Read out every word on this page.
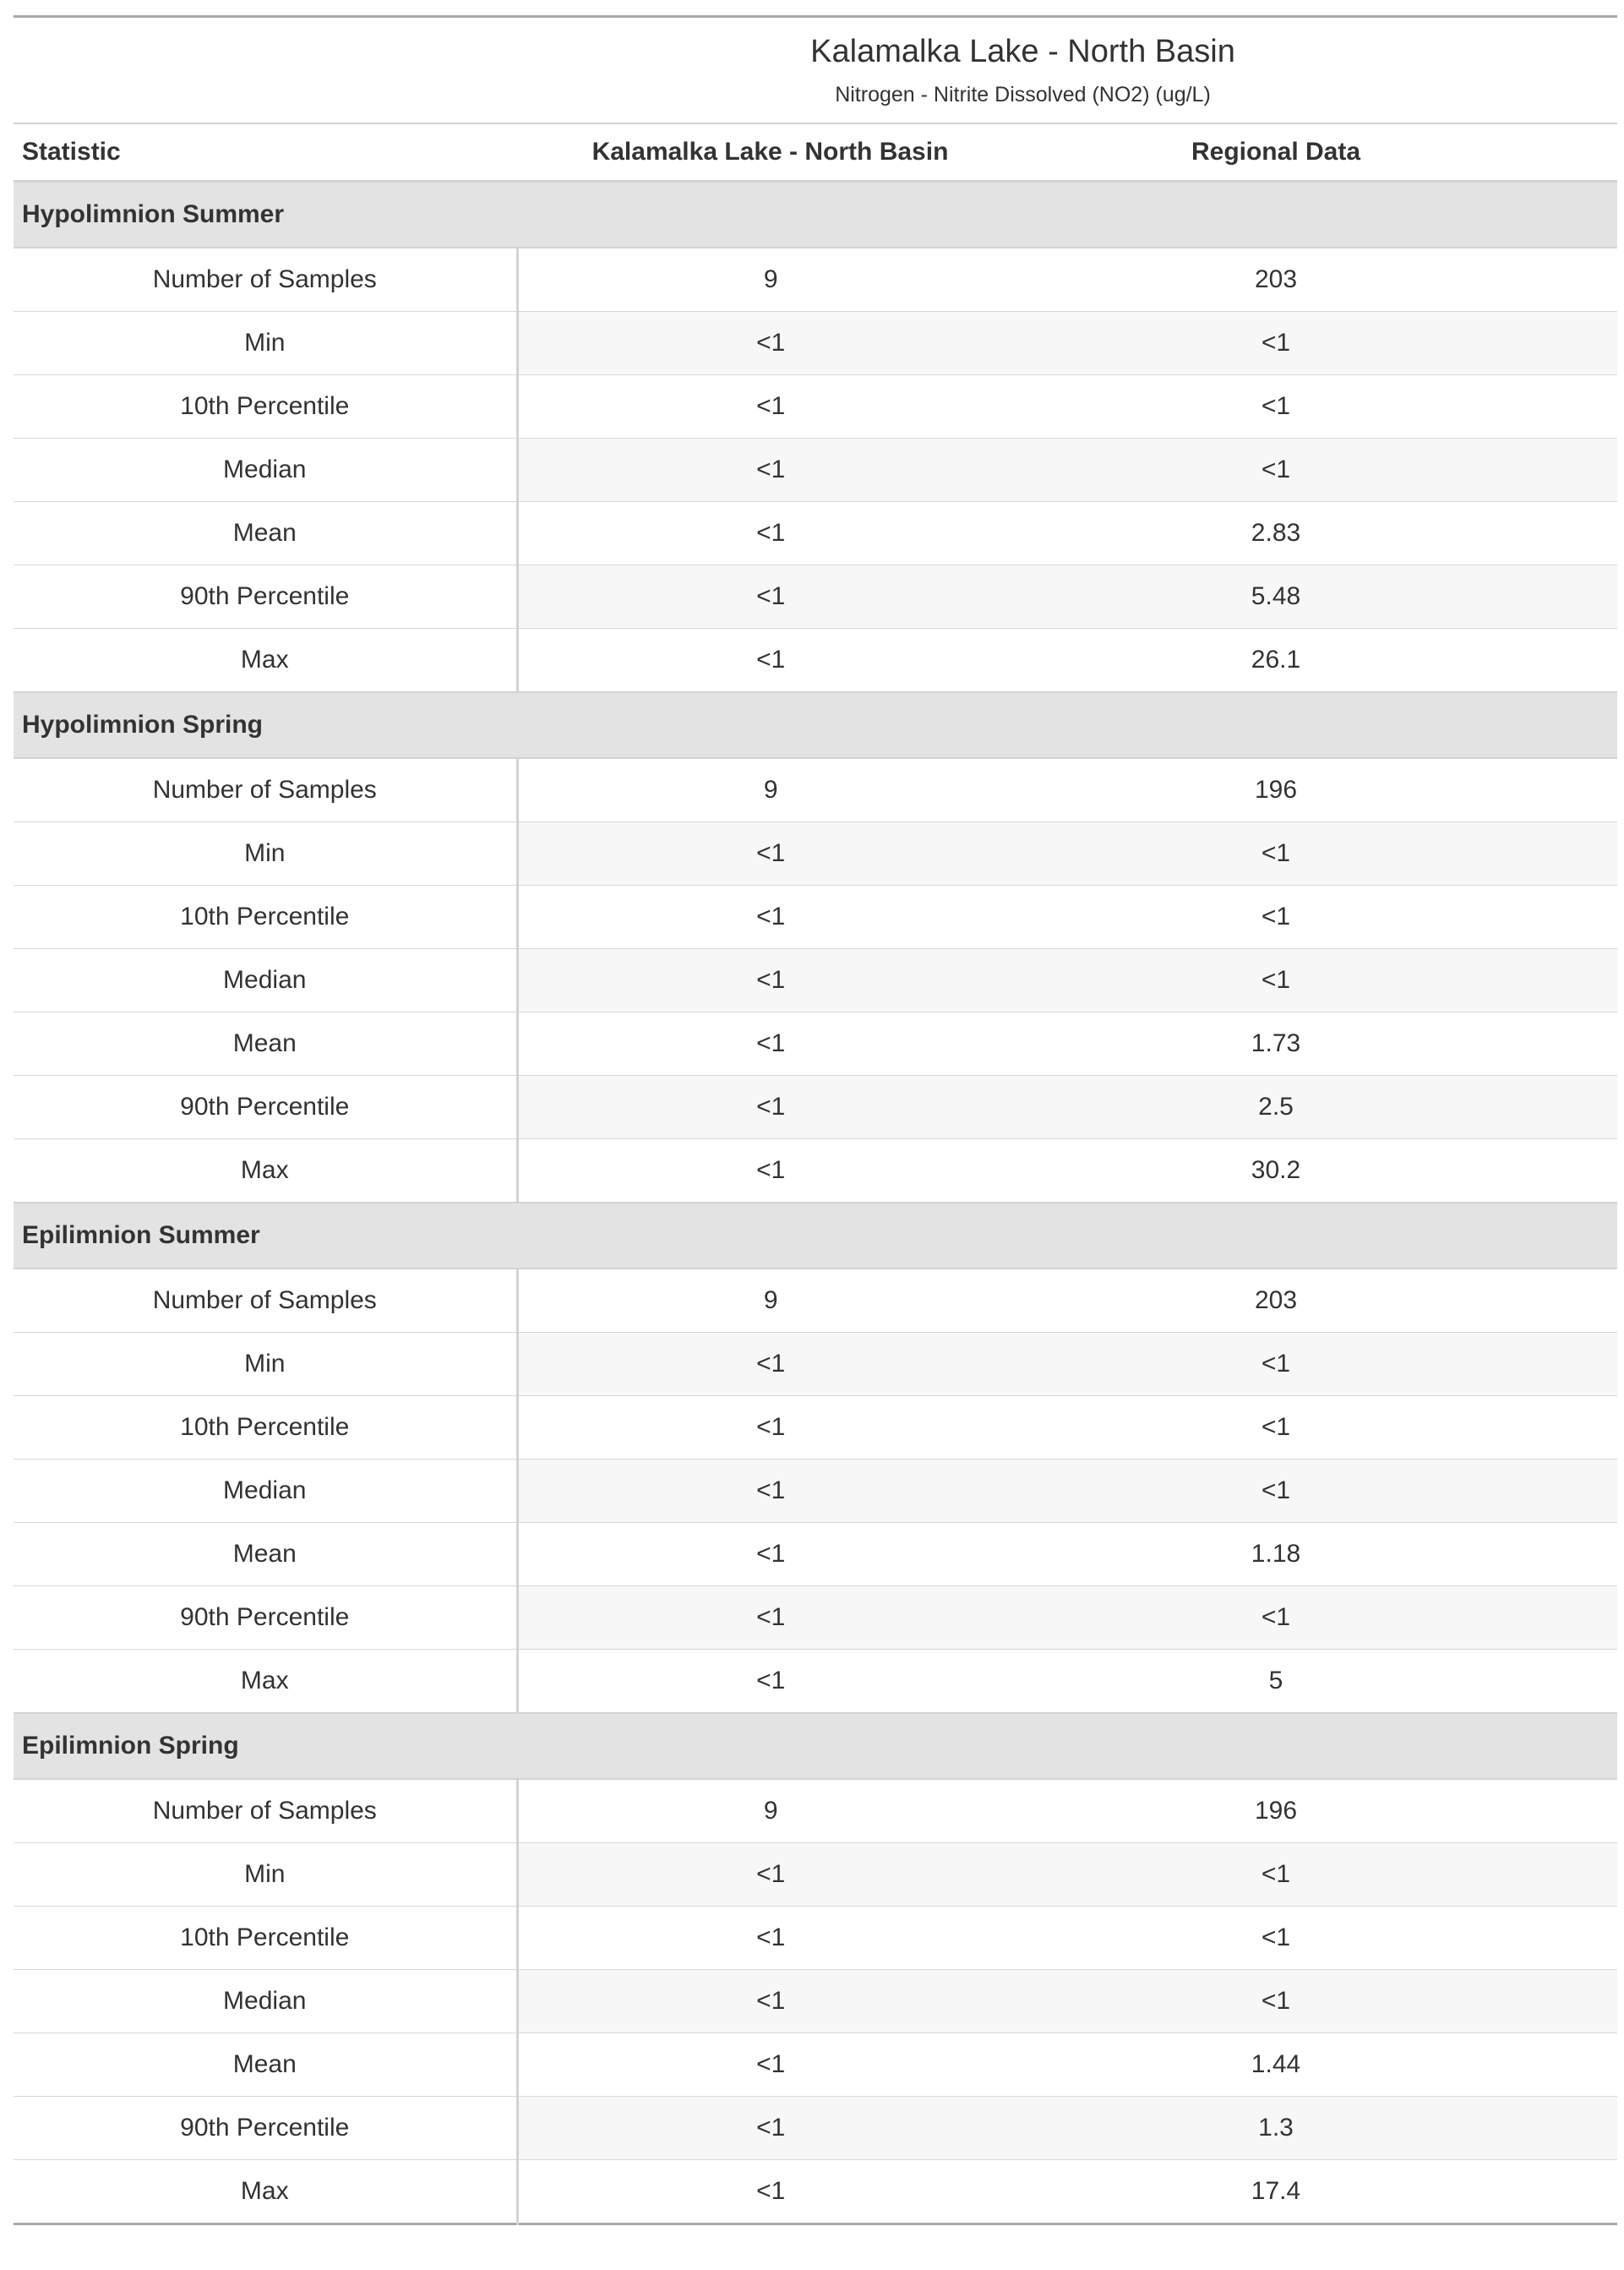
Kalamalka Lake - North Basin
Nitrogen - Nitrite Dissolved (NO2) (ug/L)			

Statistic	Kalamalka Lake - North Basin	Regional Data	
Hypolimnion Summer			
Number of Samples	9	203	
Min	<1	<1	
10th Percentile	<1	<1	
Median	<1	<1	
Mean	<1	2.83	
90th Percentile	<1	5.48	
Max	<1	26.1	
Hypolimnion Spring			
Number of Samples	9	196	
Min	<1	<1	
10th Percentile	<1	<1	
Median	<1	<1	
Mean	<1	1.73	
90th Percentile	<1	2.5	
Max	<1	30.2	
Epilimnion Summer			
Number of Samples	9	203	
Min	<1	<1	
10th Percentile	<1	<1	
Median	<1	<1	
Mean	<1	1.18	
90th Percentile	<1	<1	
Max	<1	5	
Epilimnion Spring			
Number of Samples	9	196	
Min	<1	<1	
10th Percentile	<1	<1	
Median	<1	<1	
Mean	<1	1.44	
90th Percentile	<1	1.3	
Max	<1	17.4	
